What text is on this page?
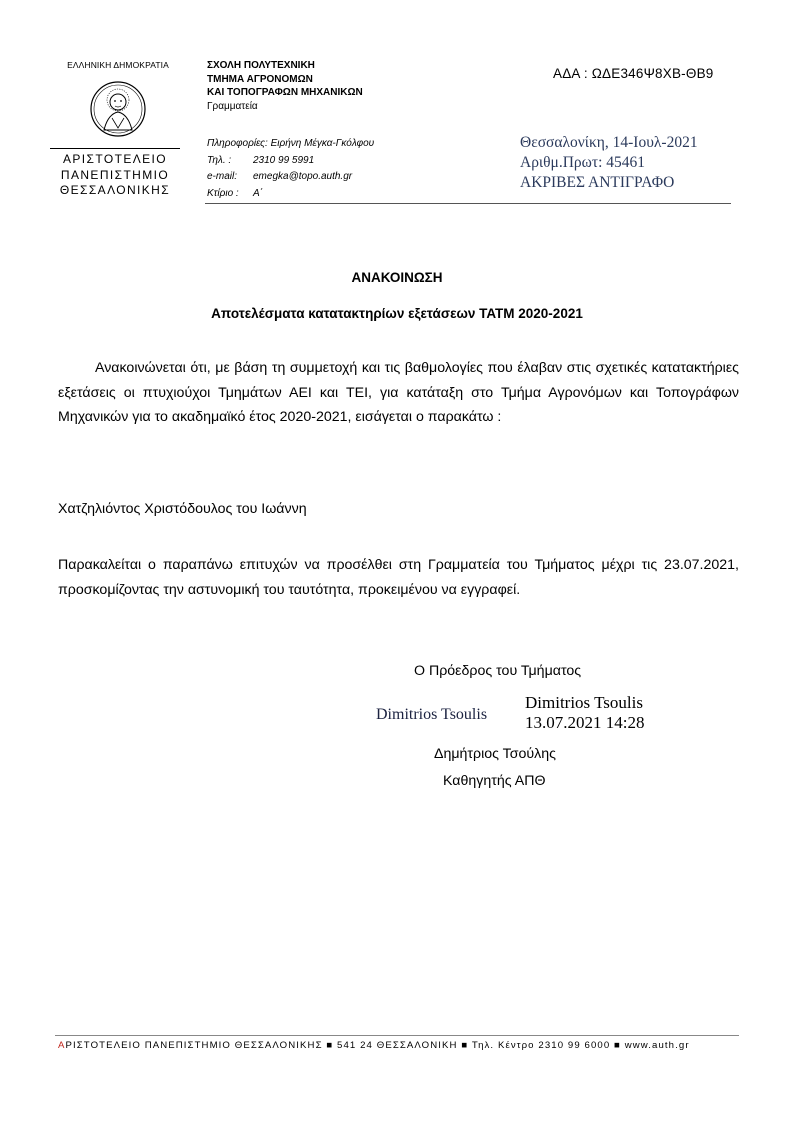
ΕΛΛΗΝΙΚΗ ΔΗΜΟΚΡΑΤΙΑ
ΑΡΙΣΤΟΤΕΛΕΙΟ
ΠΑΝΕΠΙΣΤΗΜΙΟ
ΘΕΣΣΑΛΟΝΙΚΗΣ
ΣΧΟΛΗ ΠΟΛΥΤΕΧΝΙΚΗ
ΤΜΗΜΑ ΑΓΡΟΝΟΜΩΝ
ΚΑΙ ΤΟΠΟΓΡΑΦΩΝ ΜΗΧΑΝΙΚΩΝ
Γραμματεία
Πληροφορίες: Ειρήνη Μέγκα-Γκόλφου
Τηλ. :	2310 99 5991
e-mail:	emegka@topo.auth.gr
Κτίριο :	Α΄
ΑΔΑ : ΩΔΕ346Ψ8ΧΒ-ΘΒ9
Θεσσαλονίκη, 14-Ιουλ-2021
Αριθμ.Πρωτ: 45461
ΑΚΡΙΒΕΣ ΑΝΤΙΓΡΑΦΟ
ΑΝΑΚΟΙΝΩΣΗ
Αποτελέσματα κατατακτηρίων εξετάσεων ΤΑΤΜ 2020-2021
Ανακοινώνεται ότι, με βάση τη συμμετοχή και τις βαθμολογίες που έλαβαν στις σχετικές κατατακτήριες εξετάσεις οι πτυχιούχοι Τμημάτων ΑΕΙ και ΤΕΙ, για κατάταξη στο Τμήμα Αγρονόμων και Τοπογράφων Μηχανικών για το ακαδημαϊκό έτος 2020-2021, εισάγεται ο παρακάτω :
Χατζηλιόντος Χριστόδουλος του Ιωάννη
Παρακαλείται ο παραπάνω επιτυχών να προσέλθει στη Γραμματεία του Τμήματος μέχρι τις 23.07.2021, προσκομίζοντας την αστυνομική του ταυτότητα, προκειμένου να εγγραφεί.
Ο Πρόεδρος του Τμήματος
Dimitrios Tsoulis
Dimitrios Tsoulis
13.07.2021 14:28
Δημήτριος Τσούλης
Καθηγητής ΑΠΘ
ΑΡΙΣΤΟΤΕΛΕΙΟ ΠΑΝΕΠΙΣΤΗΜΙΟ ΘΕΣΣΑΛΟΝΙΚΗΣ ■ 541 24 ΘΕΣΣΑΛΟΝΙΚΗ ■ Τηλ. Κέντρο 2310 99 6000 ■ www.auth.gr
